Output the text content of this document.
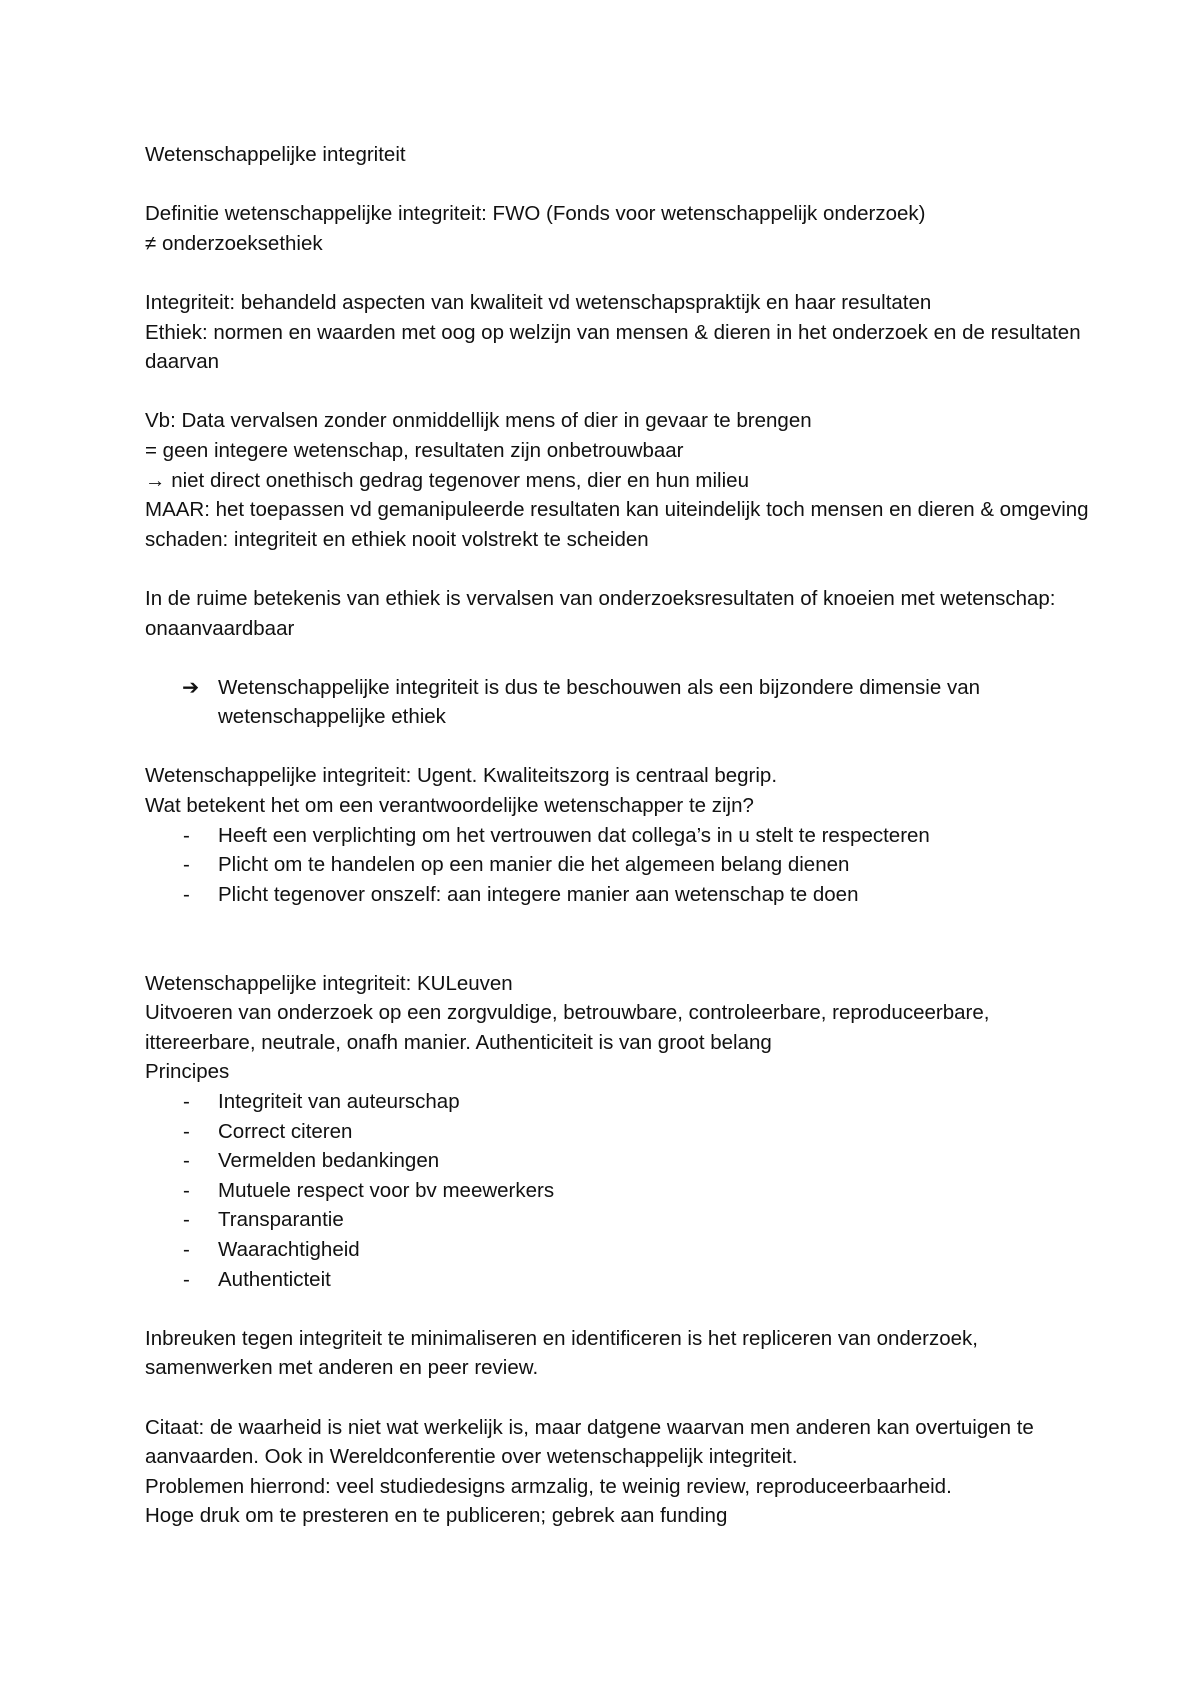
Wetenschappelijke integriteit

Definitie wetenschappelijke integriteit: FWO (Fonds voor wetenschappelijk onderzoek)

≠ onderzoeksethiek

Integriteit: behandeld aspecten van kwaliteit vd wetenschapspraktijk en haar resultaten

Ethiek: normen en waarden met oog op welzijn van mensen & dieren in het onderzoek en de resultaten daarvan

Vb: Data vervalsen zonder onmiddellijk mens of dier in gevaar te brengen

= geen integere wetenschap, resultaten zijn onbetrouwbaar

→ niet direct onethisch gedrag tegenover mens, dier en hun milieu

MAAR: het toepassen vd gemanipuleerde resultaten kan uiteindelijk toch mensen en dieren & omgeving schaden: integriteit en ethiek nooit volstrekt te scheiden

In de ruime betekenis van ethiek is vervalsen van onderzoeksresultaten of knoeien met wetenschap: onaanvaardbaar

➔ Wetenschappelijke integriteit is dus te beschouwen als een bijzondere dimensie van wetenschappelijke ethiek

Wetenschappelijke integriteit: Ugent. Kwaliteitszorg is centraal begrip.

Wat betekent het om een verantwoordelijke wetenschapper te zijn?

- Heeft een verplichting om het vertrouwen dat collega’s in u stelt te respecteren
- Plicht om te handelen op een manier die het algemeen belang dienen
- Plicht tegenover onszelf: aan integere manier aan wetenschap te doen

Wetenschappelijke integriteit: KULeuven

Uitvoeren van onderzoek op een zorgvuldige, betrouwbare, controleerbare, reproduceerbare, ittereerbare, neutrale, onafh manier. Authenticiteit is van groot belang

Principes

- Integriteit van auteurschap
- Correct citeren
- Vermelden bedankingen
- Mutuele respect voor bv meewerkers
- Transparantie
- Waarachtigheid
- Authenticteit

Inbreuken tegen integriteit te minimaliseren en identificeren is het repliceren van onderzoek, samenwerken met anderen en peer review.

Citaat: de waarheid is niet wat werkelijk is, maar datgene waarvan men anderen kan overtuigen te aanvaarden. Ook in Wereldconferentie over wetenschappelijk integriteit.

Problemen hierrond: veel studiedesigns armzalig, te weinig review, reproduceerbaarheid.

Hoge druk om te presteren en te publiceren; gebrek aan funding
